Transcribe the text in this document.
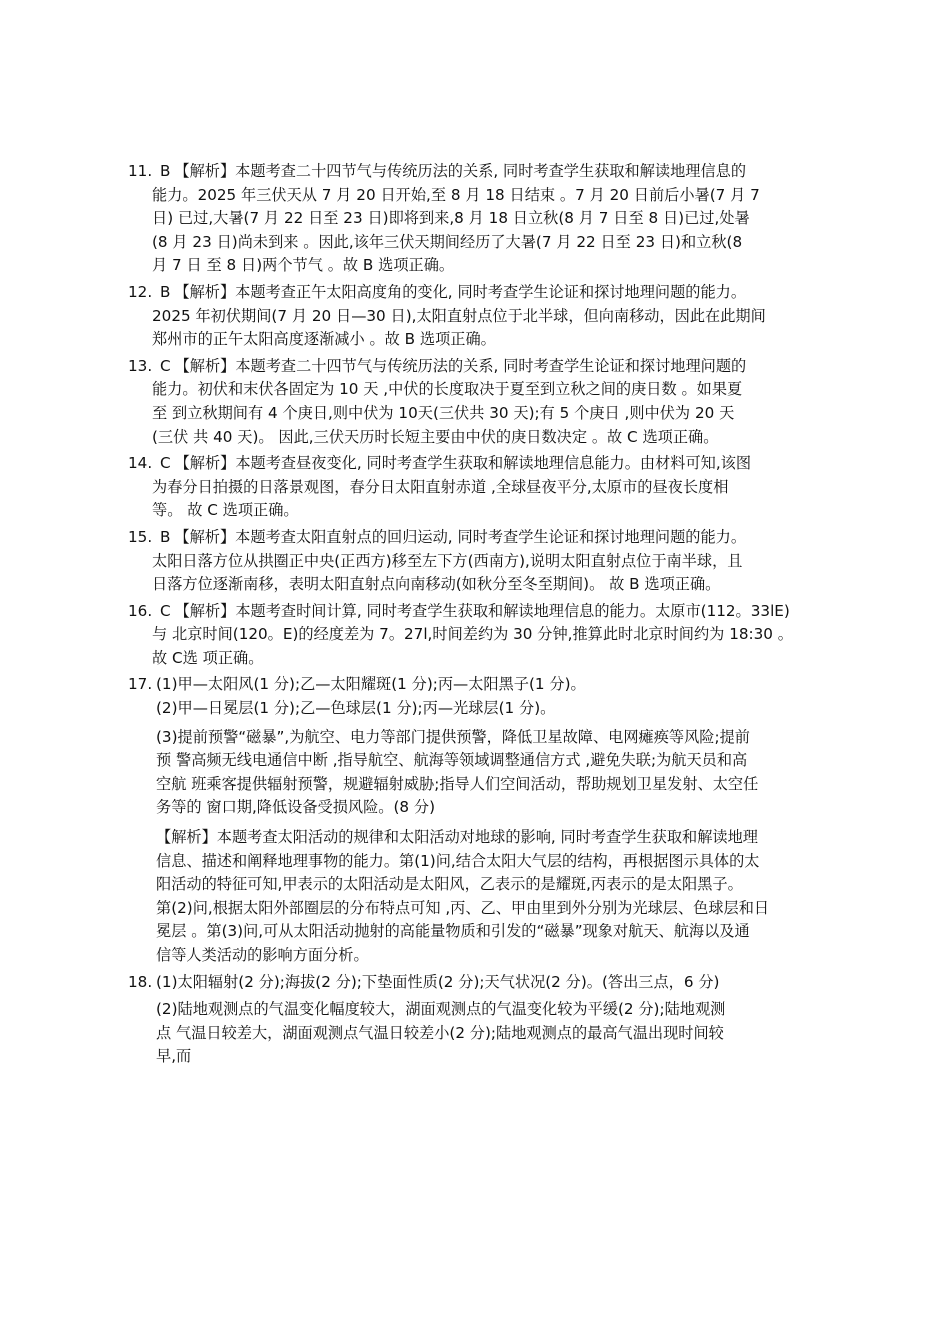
11. B 【解析】本题考查二十四节气与传统历法的关系, 同时考查学生获取和解读地理信息的
能力。2025 年三伏天从 7 月 20 日开始,至 8 月 18 日结束 。7 月 20 日前后小暑(7 月 7
日) 已过,大暑(7 月 22 日至 23 日)即将到来,8 月 18 日立秋(8 月 7 日至 8 日)已过,处暑
(8 月 23 日)尚未到来 。因此,该年三伏天期间经历了大暑(7 月 22 日至 23 日)和立秋(8
月 7 日 至 8 日)两个节气 。故 B 选项正确。
12. B 【解析】本题考查正午太阳高度角的变化, 同时考查学生论证和探讨地理问题的能力。
2025 年初伏期间(7 月 20 日—30 日),太阳直射点位于北半球，但向南移动，因此在此期间
郑州市的正午太阳高度逐渐减小 。故 B 选项正确。
13. C 【解析】本题考查二十四节气与传统历法的关系, 同时考查学生论证和探讨地理问题的
能力。初伏和末伏各固定为 10 天 ,中伏的长度取决于夏至到立秋之间的庚日数 。如果夏
至 到立秋期间有 4 个庚日,则中伏为 10天(三伏共 30 天);有 5 个庚日 ,则中伏为 20 天
(三伏 共 40 天)。 因此,三伏天历时长短主要由中伏的庚日数决定 。故 C 选项正确。
14. C 【解析】本题考查昼夜变化, 同时考查学生获取和解读地理信息能力。由材料可知,该图
为春分日拍摄的日落景观图，春分日太阳直射赤道 ,全球昼夜平分,太原市的昼夜长度相
等。 故 C 选项正确。
15. B 【解析】本题考查太阳直射点的回归运动, 同时考查学生论证和探讨地理问题的能力。
太阳日落方位从拱圈正中央(正西方)移至左下方(西南方),说明太阳直射点位于南半球，且
日落方位逐渐南移，表明太阳直射点向南移动(如秋分至冬至期间)。 故 B 选项正确。
16. C 【解析】本题考查时间计算, 同时考查学生获取和解读地理信息的能力。太原市(112。33lE)
与 北京时间(120。E)的经度差为 7。27l,时间差约为 30 分钟,推算此时北京时间约为 18:30 。
故 C选 项正确。
17. (1)甲—太阳风(1 分);乙—太阳耀斑(1 分);丙—太阳黑子(1 分)。
(2)甲—日冕层(1 分);乙—色球层(1 分);丙—光球层(1 分)。
(3)提前预警“磁暴”,为航空、电力等部门提供预警，降低卫星故障、电网瘫痪等风险;提前
预 警高频无线电通信中断 ,指导航空、航海等领域调整通信方式 ,避免失联;为航天员和高
空航 班乘客提供辐射预警，规避辐射威胁;指导人们空间活动，帮助规划卫星发射、太空任
务等的 窗口期,降低设备受损风险。(8 分)
【解析】本题考查太阳活动的规律和太阳活动对地球的影响, 同时考查学生获取和解读地理
信息、描述和阐释地理事物的能力。第(1)问,结合太阳大气层的结构，再根据图示具体的太
阳活动的特征可知,甲表示的太阳活动是太阳风，乙表示的是耀斑,丙表示的是太阳黑子。
第(2)问,根据太阳外部圈层的分布特点可知 ,丙、乙、甲由里到外分别为光球层、色球层和日
冕层 。第(3)问,可从太阳活动抛射的高能量物质和引发的“磁暴”现象对航天、航海以及通
信等人类活动的影响方面分析。
18. (1)太阳辐射(2 分);海拔(2 分);下垫面性质(2 分);天气状况(2 分)。(答出三点，6 分)
(2)陆地观测点的气温变化幅度较大，湖面观测点的气温变化较为平缓(2 分);陆地观测
点 气温日较差大，湖面观测点气温日较差小(2 分);陆地观测点的最高气温出现时间较
早,而
